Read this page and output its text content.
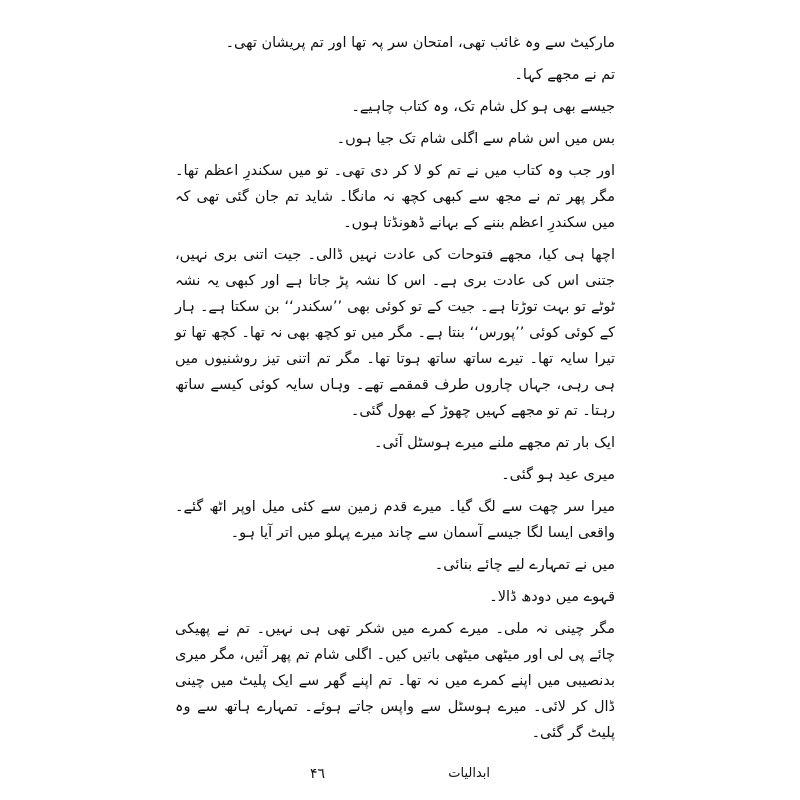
مارکیٹ سے وہ غائب تھی، امتحان سر پہ تھا اور تم پریشان تھی۔

تم نے مجھے کہا۔

جیسے بھی ہو کل شام تک، وہ کتاب چاہیے۔

بس میں اس شام سے اگلی شام تک جیا ہوں۔

اور جب وہ کتاب میں نے تم کو لا کر دی تھی۔ تو میں سکندرِ اعظم تھا۔ مگر پھر تم نے مجھ سے کبھی کچھ نہ مانگا۔ شاید تم جان گئی تھی کہ میں سکندرِ اعظم بننے کے بہانے ڈھونڈتا ہوں۔

اچھا ہی کیا، مجھے فتوحات کی عادت نہیں ڈالی۔ جیت اتنی بری نہیں، جتنی اس کی عادت بری ہے۔ اس کا نشہ پڑ جاتا ہے اور کبھی یہ نشہ ٹوٹے تو بہت توڑتا ہے۔ جیت کے تو کوئی بھی ’’سکندر‘‘ بن سکتا ہے۔ ہار کے کوئی کوئی ’’پورس‘‘ بنتا ہے۔ مگر میں تو کچھ بھی نہ تھا۔ کچھ تھا تو تیرا سایہ تھا۔ تیرے ساتھ ساتھ ہوتا تھا۔ مگر تم اتنی تیز روشنیوں میں ہی رہی، جہاں چاروں طرف قمقمے تھے۔ وہاں سایہ کوئی کیسے ساتھ رہتا۔ تم تو مجھے کہیں چھوڑ کے بھول گئی۔

ایک بار تم مجھے ملنے میرے ہوسٹل آئی۔

میری عید ہو گئی۔

میرا سر چھت سے لگ گیا۔ میرے قدم زمین سے کئی میل اوپر اٹھ گئے۔ واقعی ایسا لگا جیسے آسمان سے چاند میرے پہلو میں اتر آیا ہو۔

میں نے تمہارے لیے چائے بنائی۔

قہوے میں دودھ ڈالا۔

مگر چینی نہ ملی۔ میرے کمرے میں شکر تھی ہی نہیں۔ تم نے پھیکی چائے پی لی اور میٹھی میٹھی باتیں کیں۔ اگلی شام تم پھر آئیں، مگر میری بدنصیبی میں اپنے کمرے میں نہ تھا۔ تم اپنے گھر سے ایک پلیٹ میں چینی ڈال کر لائی۔ میرے ہوسٹل سے واپس جاتے ہوئے۔ تمہارے ہاتھ سے وہ پلیٹ گر گئی۔

ابدالیات
۴٦
